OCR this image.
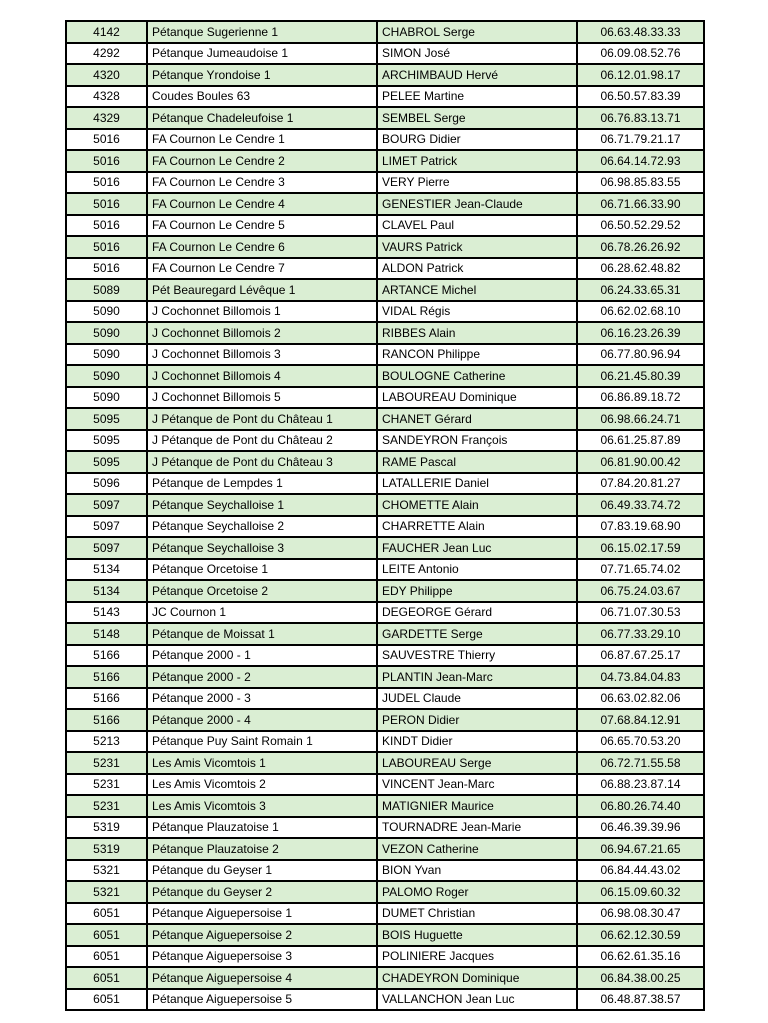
4142	Pétanque Sugerienne 1	CHABROL Serge	06.63.48.33.33
4292	Pétanque Jumeaudoise 1	SIMON José	06.09.08.52.76
4320	Pétanque Yrondoise 1	ARCHIMBAUD Hervé	06.12.01.98.17
4328	Coudes Boules 63	PELEE Martine	06.50.57.83.39
4329	Pétanque Chadeleufoise 1	SEMBEL Serge	06.76.83.13.71
5016	FA Cournon Le Cendre 1	BOURG Didier	06.71.79.21.17
5016	FA Cournon Le Cendre 2	LIMET Patrick	06.64.14.72.93
5016	FA Cournon Le Cendre 3	VERY Pierre	06.98.85.83.55
5016	FA Cournon Le Cendre 4	GENESTIER Jean-Claude	06.71.66.33.90
5016	FA Cournon Le Cendre 5	CLAVEL Paul	06.50.52.29.52
5016	FA Cournon Le Cendre 6	VAURS Patrick	06.78.26.26.92
5016	FA Cournon Le Cendre 7	ALDON Patrick	06.28.62.48.82
5089	Pét Beauregard Lévêque 1	ARTANCE Michel	06.24.33.65.31
5090	J Cochonnet Billomois 1	VIDAL Régis	06.62.02.68.10
5090	J Cochonnet Billomois 2	RIBBES Alain	06.16.23.26.39
5090	J Cochonnet Billomois 3	RANCON Philippe	06.77.80.96.94
5090	J Cochonnet Billomois 4	BOULOGNE Catherine	06.21.45.80.39
5090	J Cochonnet Billomois 5	LABOUREAU Dominique	06.86.89.18.72
5095	J Pétanque de Pont du Château 1	CHANET Gérard	06.98.66.24.71
5095	J Pétanque de Pont du Château 2	SANDEYRON François	06.61.25.87.89
5095	J Pétanque de Pont du Château 3	RAME Pascal	06.81.90.00.42
5096	Pétanque de Lempdes 1	LATALLERIE Daniel	07.84.20.81.27
5097	Pétanque Seychalloise 1	CHOMETTE Alain	06.49.33.74.72
5097	Pétanque Seychalloise 2	CHARRETTE Alain	07.83.19.68.90
5097	Pétanque Seychalloise 3	FAUCHER Jean Luc	06.15.02.17.59
5134	Pétanque Orcetoise 1	LEITE Antonio	07.71.65.74.02
5134	Pétanque Orcetoise 2	EDY Philippe	06.75.24.03.67
5143	JC Cournon 1	DEGEORGE Gérard	06.71.07.30.53
5148	Pétanque de Moissat 1	GARDETTE Serge	06.77.33.29.10
5166	Pétanque 2000 - 1	SAUVESTRE Thierry	06.87.67.25.17
5166	Pétanque 2000 - 2	PLANTIN Jean-Marc	04.73.84.04.83
5166	Pétanque 2000 - 3	JUDEL Claude	06.63.02.82.06
5166	Pétanque 2000 - 4	PERON Didier	07.68.84.12.91
5213	Pétanque Puy Saint Romain 1	KINDT Didier	06.65.70.53.20
5231	Les Amis Vicomtois 1	LABOUREAU Serge	06.72.71.55.58
5231	Les Amis Vicomtois 2	VINCENT Jean-Marc	06.88.23.87.14
5231	Les Amis Vicomtois 3	MATIGNIER Maurice	06.80.26.74.40
5319	Pétanque Plauzatoise 1	TOURNADRE Jean-Marie	06.46.39.39.96
5319	Pétanque Plauzatoise 2	VEZON Catherine	06.94.67.21.65
5321	Pétanque du Geyser 1	BION Yvan	06.84.44.43.02
5321	Pétanque du Geyser 2	PALOMO Roger	06.15.09.60.32
6051	Pétanque Aiguepersoise 1	DUMET Christian	06.98.08.30.47
6051	Pétanque Aiguepersoise 2	BOIS Huguette	06.62.12.30.59
6051	Pétanque Aiguepersoise 3	POLINIERE Jacques	06.62.61.35.16
6051	Pétanque Aiguepersoise 4	CHADEYRON Dominique	06.84.38.00.25
6051	Pétanque Aiguepersoise 5	VALLANCHON Jean Luc	06.48.87.38.57
